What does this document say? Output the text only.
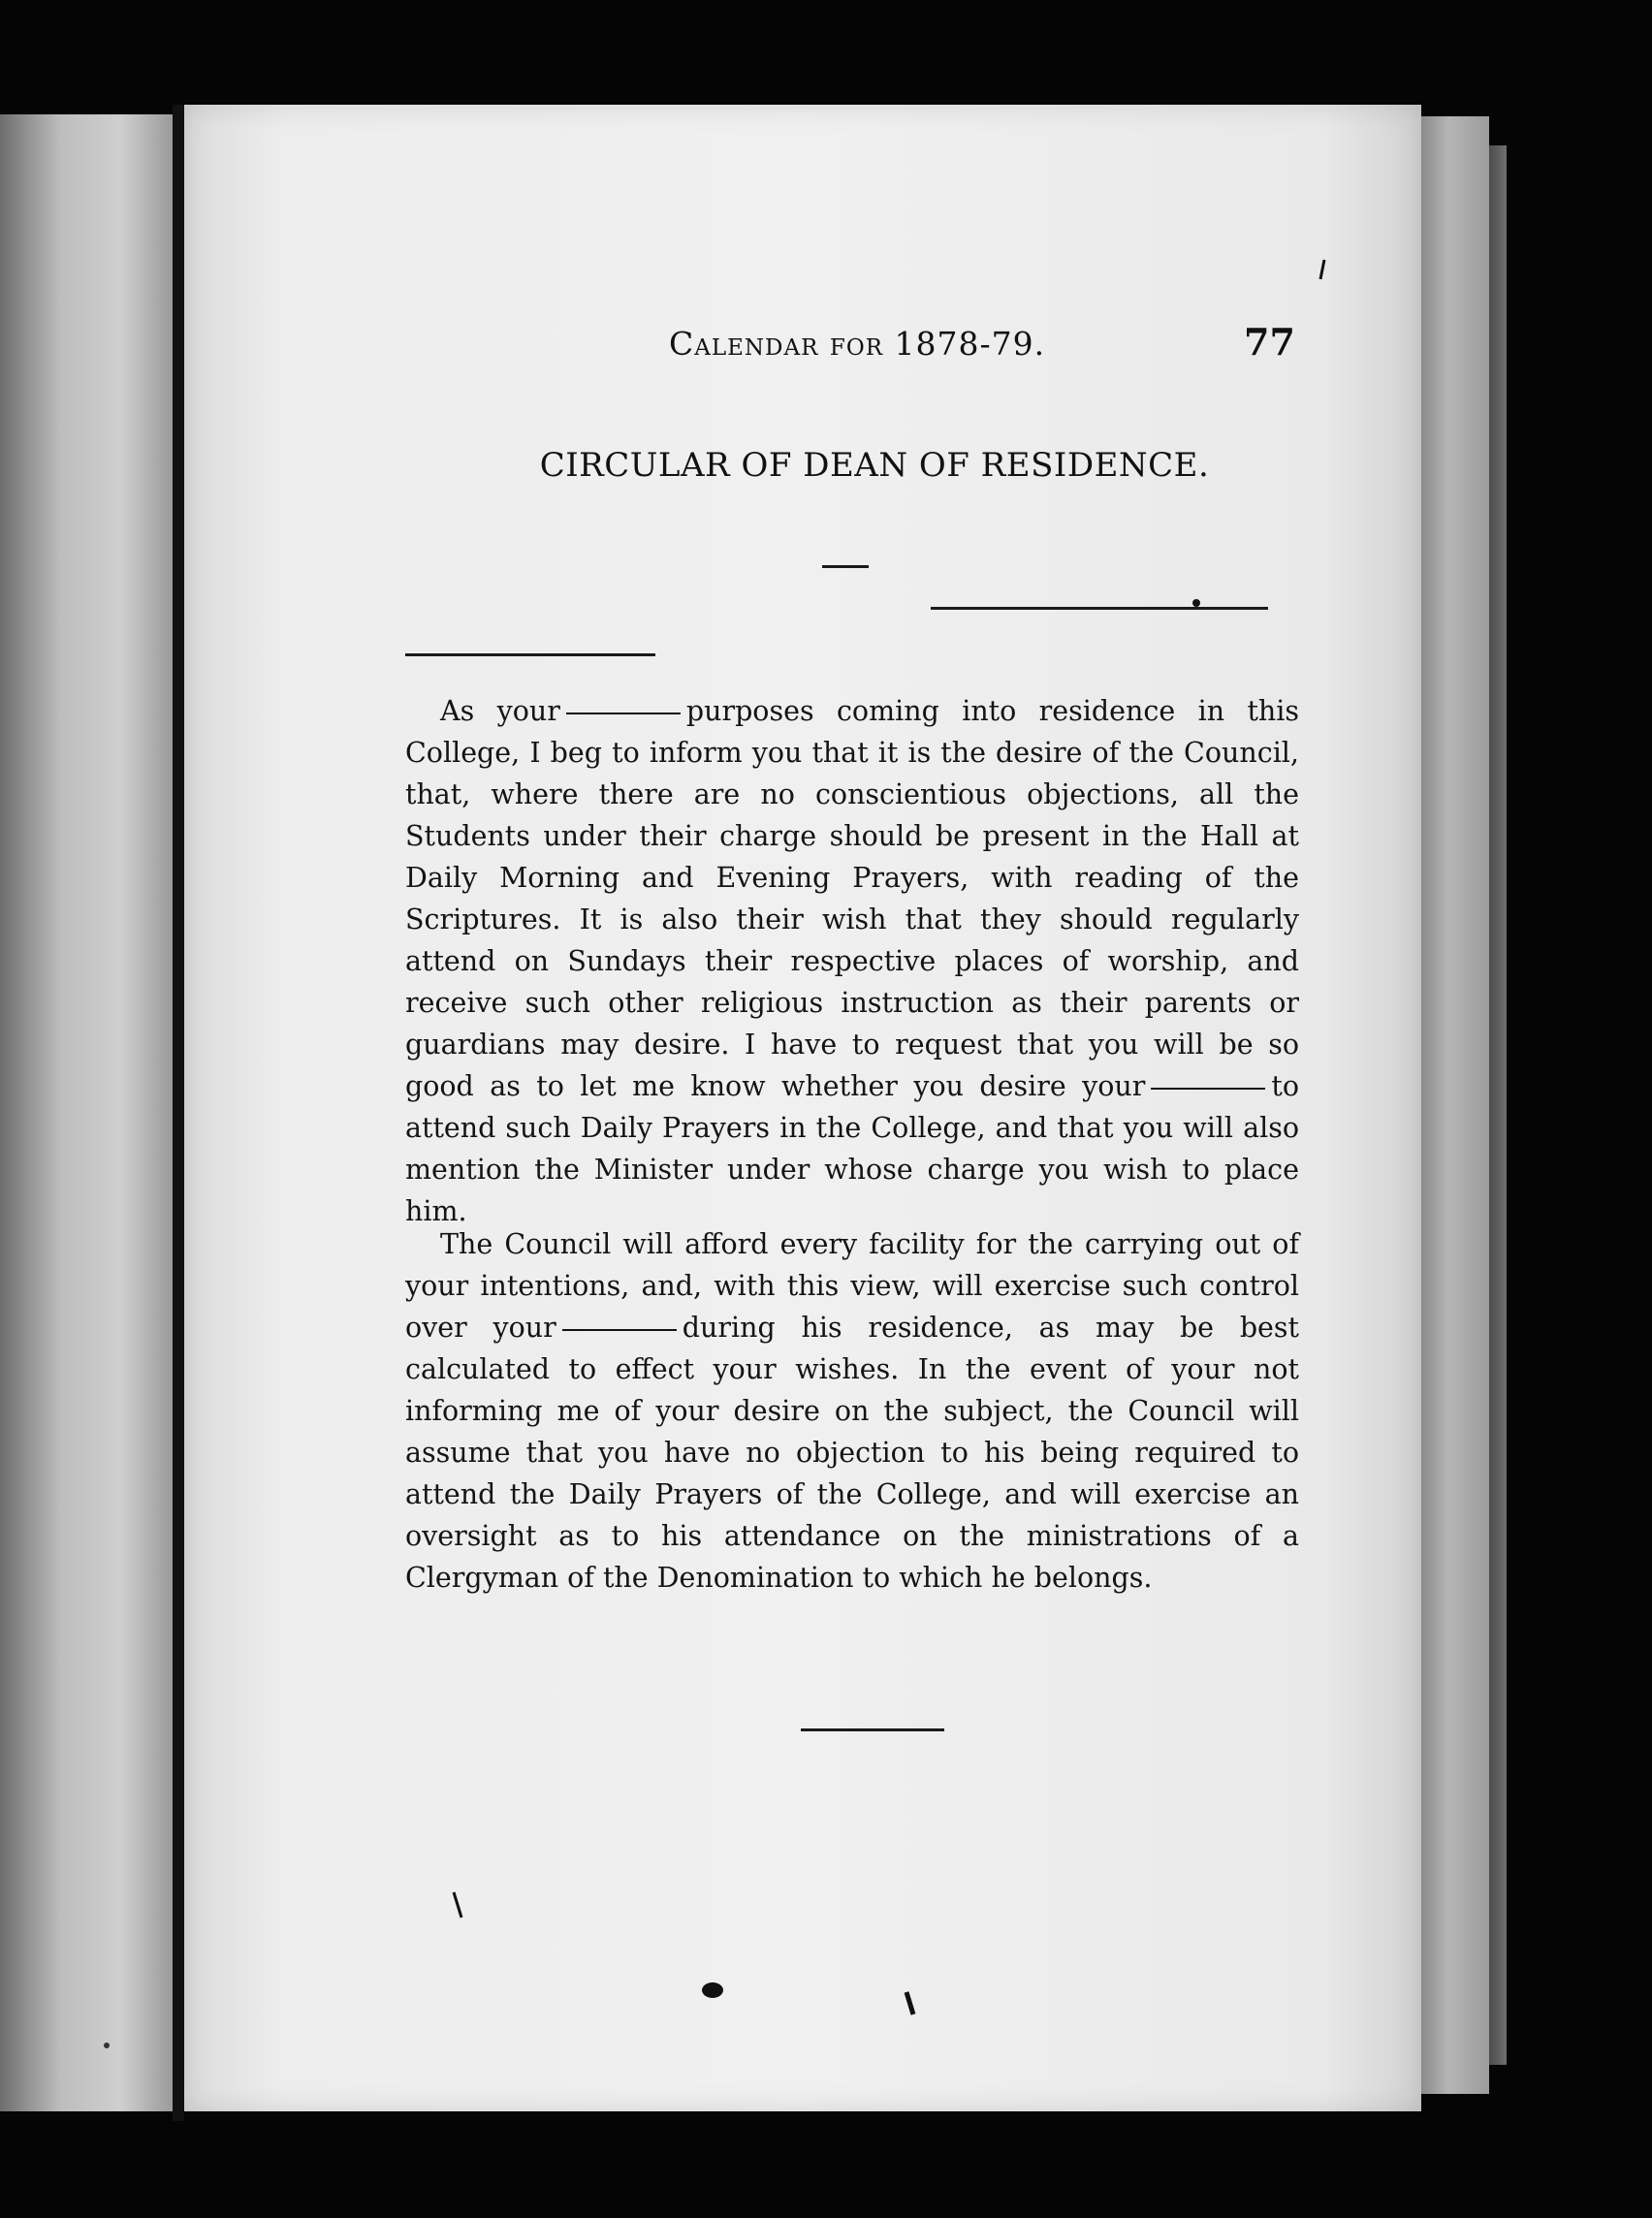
Calendar for 1878-79.	77
CIRCULAR OF DEAN OF RESIDENCE.

As your	purposes coming into residence in this College, I beg to inform you that it is the desire of the Council, that, where there are no conscientious objections, all the Students under their charge should be present in the Hall at Daily Morning and Evening Prayers, with reading of the Scriptures. It is also their wish that they should regularly attend on Sundays their respective places of worship, and receive such other religious instruction as their parents or guardians may desire. I have to request that you will be so good as to let me know whether you desire your	to attend such Daily Prayers in the College, and that you will also mention the Minister under whose charge you wish to place him.

The Council will afford every facility for the carrying out of your intentions, and, with this view, will exercise such control over your	during his residence, as may be best calculated to effect your wishes. In the event of your not informing me of your desire on the subject, the Council will assume that you have no objection to his being required to attend the Daily Prayers of the College, and will exercise an oversight as to his attendance on the ministrations of a Clergyman of the Denomination to which he belongs.
